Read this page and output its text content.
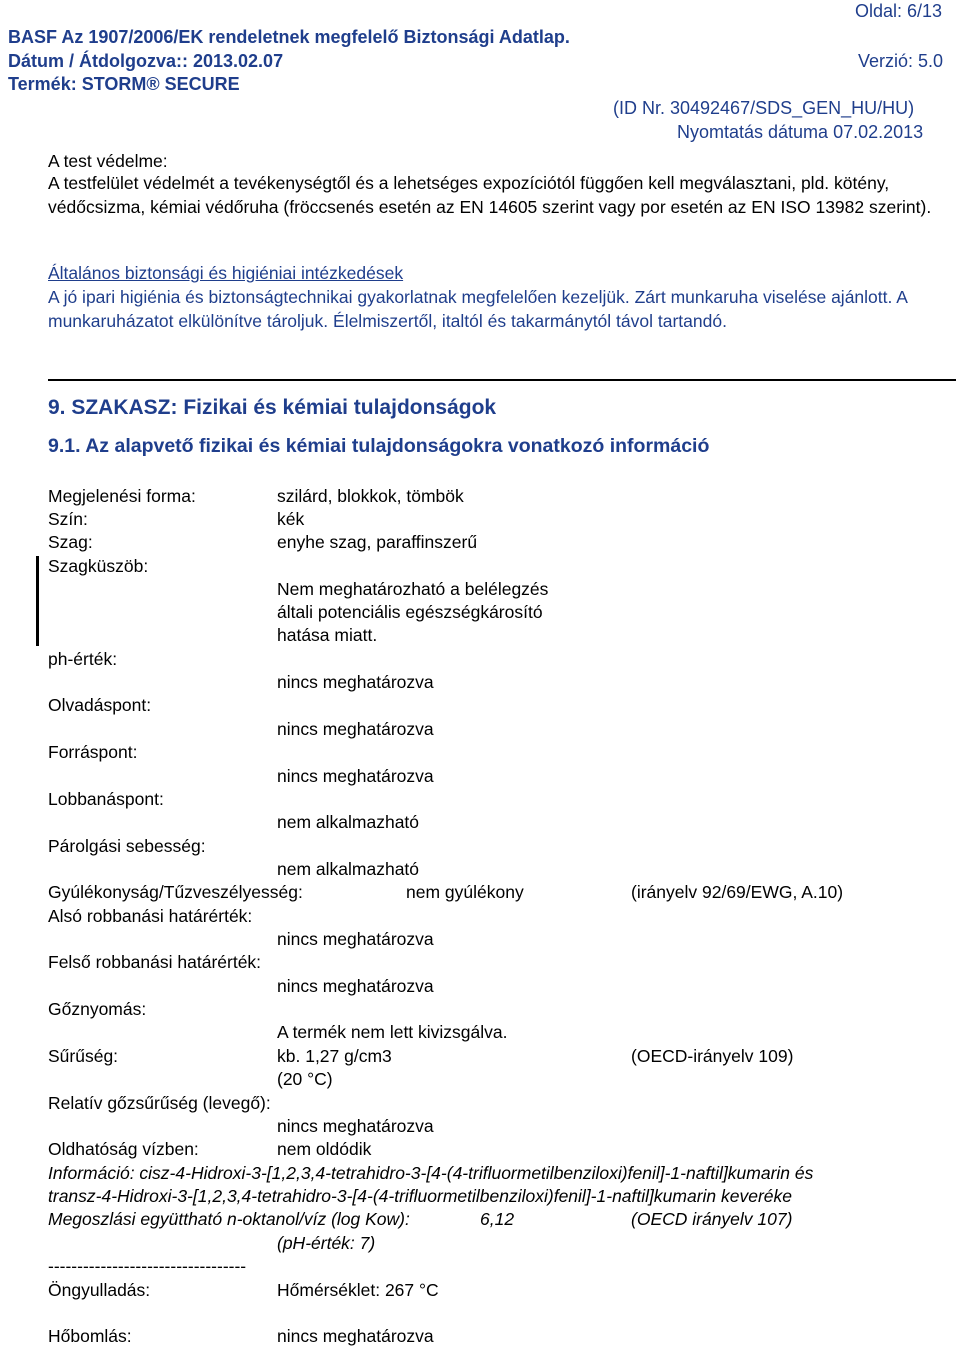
Oldal: 6/13
BASF Az 1907/2006/EK rendeletnek megfelelő Biztonsági Adatlap.
Dátum / Átdolgozva:: 2013.02.07	Verzió: 5.0
Termék: STORM® SECURE
(ID Nr. 30492467/SDS_GEN_HU/HU)
Nyomtatás dátuma 07.02.2013
A test védelme:
A testfelület védelmét a tevékenységtől és a lehetséges expozíciótól függően kell megválasztani, pld. kötény, védőcsizma, kémiai védőruha (fröccsenés esetén az EN 14605 szerint vagy por esetén az EN ISO 13982 szerint).
Általános biztonsági és higiéniai intézkedések
A jó ipari higiénia és biztonságtechnikai gyakorlatnak megfelelően kezeljük. Zárt munkaruha viselése ajánlott. A munkaruházatot elkülönítve tároljuk. Élelmiszertől, italtól és takarmánytól távol tartandó.
9. SZAKASZ: Fizikai és kémiai tulajdonságok
9.1. Az alapvető fizikai és kémiai tulajdonságokra vonatkozó információ
Megjelenési forma:	szilárd, blokkok, tömbök
Szín:	kék
Szag:	enyhe szag, paraffinszerű
Szagküszöb:
Nem meghatározható a belélegzés
általi potenciális egészségkárosító
hatása miatt.
ph-érték:
nincs meghatározva
Olvadáspont:
nincs meghatározva
Forráspont:
nincs meghatározva
Lobbanáspont:
nem alkalmazható
Párolgási sebesség:
nem alkalmazható
Gyúlékonyság/Tűzveszélyesség:	nem gyúlékony	(irányelv 92/69/EWG, A.10)
Alsó robbanási határérték:
nincs meghatározva
Felső robbanási határérték:
nincs meghatározva
Gőznyomás:
A termék nem lett kivizsgálva.
Sűrűség:	kb. 1,27 g/cm3	(OECD-irányelv 109)
(20 °C)
Relatív gőzsűrűség (levegő):
nincs meghatározva
Oldhatóság vízben:	nem oldódik
Információ: cisz-4-Hidroxi-3-[1,2,3,4-tetrahidro-3-[4-(4-trifluormetilbenziloxi)fenil]-1-naftil]kumarin és
transz-4-Hidroxi-3-[1,2,3,4-tetrahidro-3-[4-(4-trifluormetilbenziloxi)fenil]-1-naftil]kumarin keveréke
Megoszlási együttható n-oktanol/víz (log Kow):	6,12	(OECD irányelv 107)
(pH-érték: 7)
----------------------------------
Öngyulladás:	Hőmérséklet: 267 °C
Hőbomlás:	nincs meghatározva
